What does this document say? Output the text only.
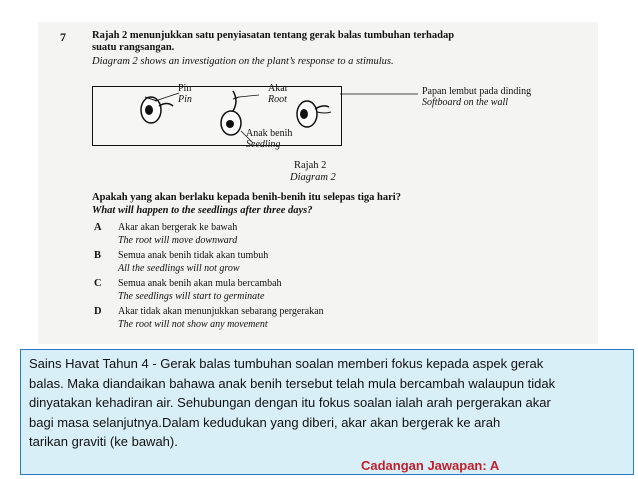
7 Rajah 2 menunjukkan satu penyiasatan tentang gerak balas tumbuhan terhadap
suatu rangsangan.
Diagram 2 shows an investigation on the plant’s response to a stimulus.
Pin
Pin
Akar
Root
Papan lembut pada dinding
Softboard on the wall
Anak benih
Seedling
Rajah 2
Diagram 2
Apakah yang akan berlaku kepada benih-benih itu selepas tiga hari?
What will happen to the seedlings after three days?
A Akar akan bergerak ke bawah
The root will move downward
B Semua anak benih tidak akan tumbuh
All the seedlings will not grow
C Semua anak benih akan mula bercambah
The seedlings will start to germinate
D Akar tidak akan menunjukkan sebarang pergerakan
The root will not show any movement

Sains Havat Tahun 4 - Gerak balas tumbuhan soalan memberi fokus kepada aspek gerak

balas. Maka diandaikan bahawa anak benih tersebut telah mula bercambah walaupun tidak

dinyatakan kehadiran air. Sehubungan dengan itu fokus soalan ialah arah pergerakan akar

bagi masa selanjutnya.Dalam kedudukan yang diberi, akar akan bergerak ke arah

tarikan graviti (ke bawah).

Cadangan Jawapan: A
